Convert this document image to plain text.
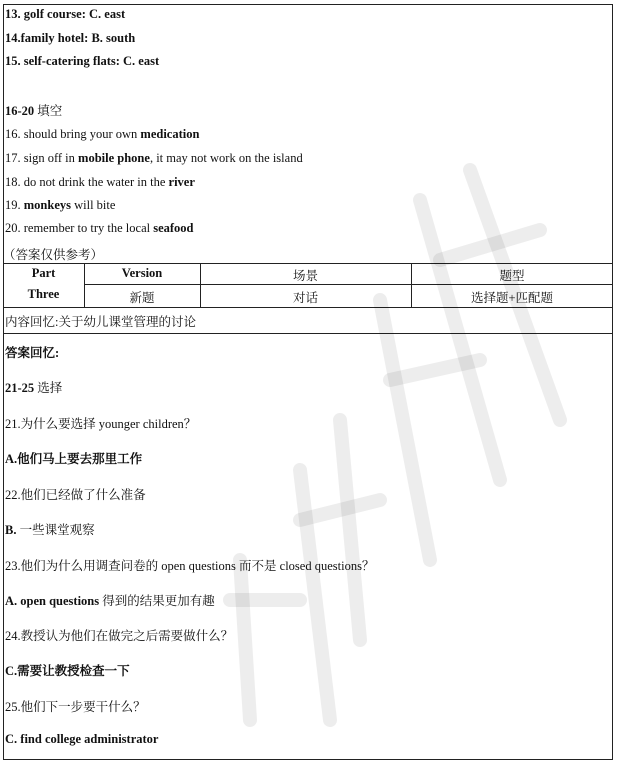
13. golf course: C. east
14.family hotel: B. south
15. self-catering flats: C. east
16-20 填空
16. should bring your own medication
17. sign off in mobile phone, it may not work on the island
18. do not drink the water in the river
19. monkeys will bite
20. remember to try the local seafood
（答案仅供参考）
Part
Three
Version	场景	题型
新题	对话	选择题+匹配题
内容回忆:关于幼儿课堂管理的讨论
答案回忆:
21-25 选择
21.为什么要选择 younger children？
A.他们马上要去那里工作
22.他们已经做了什么准备
B. 一些课堂观察
23.他们为什么用调查问卷的 open questions 而不是 closed questions？
A. open questions 得到的结果更加有趣
24.教授认为他们在做完之后需要做什么？
C.需要让教授检查一下
25.他们下一步要干什么？
C. find college administrator
